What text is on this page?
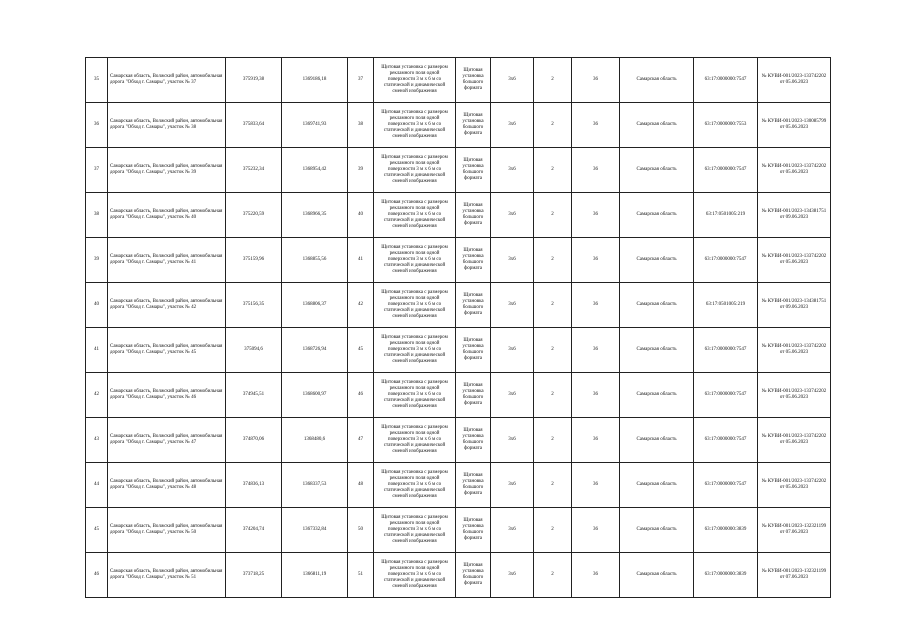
35	Самарская область, Волжский район, автомобильная дорога "Обход г. Самары", участок № 37	375919,38	1369186,18	37	Щитовая установка с размером рекламного поля одной поверхности 3 м х 6 м со статической и динамической сменой изображения	Щитовая установка большого формата	3х6	2	36	Самарская область	63:17:0000000:7547	№ КУВИ-001/2023-133742202 от 05.06.2023
36	Самарская область, Волжский район, автомобильная дорога "Обход г. Самары", участок № 38	375833,64	1369741,93	38	Щитовая установка с размером рекламного поля одной поверхности 3 м х 6 м со статической и динамической сменой изображения	Щитовая установка большого формата	3х6	2	36	Самарская область	63:17:0000000:7553	№ КУВИ-001/2023-130085799 от 05.06.2023
37	Самарская область, Волжский район, автомобильная дорога "Обход г. Самары", участок № 39	375232,34	1368954,42	39	Щитовая установка с размером рекламного поля одной поверхности 3 м х 6 м со статической и динамической сменой изображения	Щитовая установка большого формата	3х6	2	36	Самарская область	63:17:0000000:7547	№ КУВИ-001/2023-133742202 от 05.06.2023
38	Самарская область, Волжский район, автомобильная дорога "Обход г. Самары", участок № 40	375220,59	1368966,35	40	Щитовая установка с размером рекламного поля одной поверхности 3 м х 6 м со статической и динамической сменой изображения	Щитовая установка большого формата	3х6	2	36	Самарская область	63:17:0501005:219	№ КУВИ-001/2023-134381751 от 09.06.2023
39	Самарская область, Волжский район, автомобильная дорога "Обход г. Самары", участок № 41	375159,96	1368855,56	41	Щитовая установка с размером рекламного поля одной поверхности 3 м х 6 м со статической и динамической сменой изображения	Щитовая установка большого формата	3х6	2	36	Самарская область	63:17:0000000:7547	№ КУВИ-001/2023-133742202 от 05.06.2023
40	Самарская область, Волжский район, автомобильная дорога "Обход г. Самары", участок № 42	375156,35	1368806,37	42	Щитовая установка с размером рекламного поля одной поверхности 3 м х 6 м со статической и динамической сменой изображения	Щитовая установка большого формата	3х6	2	36	Самарская область	63:17:0501005:219	№ КУВИ-001/2023-134381751 от 09.06.2023
41	Самарская область, Волжский район, автомобильная дорога "Обход г. Самары", участок № 45	375094,6	1368726,94	45	Щитовая установка с размером рекламного поля одной поверхности 3 м х 6 м со статической и динамической сменой изображения	Щитовая установка большого формата	3х6	2	36	Самарская область	63:17:0000000:7547	№ КУВИ-001/2023-133742202 от 05.06.2023
42	Самарская область, Волжский район, автомобильная дорога "Обход г. Самары", участок № 46	374945,51	1368600,97	46	Щитовая установка с размером рекламного поля одной поверхности 3 м х 6 м со статической и динамической сменой изображения	Щитовая установка большого формата	3х6	2	36	Самарская область	63:17:0000000:7547	№ КУВИ-001/2023-133742202 от 05.06.2023
43	Самарская область, Волжский район, автомобильная дорога "Обход г. Самары", участок № 47	374870,06	1368480,6	47	Щитовая установка с размером рекламного поля одной поверхности 3 м х 6 м со статической и динамической сменой изображения	Щитовая установка большого формата	3х6	2	36	Самарская область	63:17:0000000:7547	№ КУВИ-001/2023-133742202 от 05.06.2023
44	Самарская область, Волжский район, автомобильная дорога "Обход г. Самары", участок № 48	374836,13	1368337,53	48	Щитовая установка с размером рекламного поля одной поверхности 3 м х 6 м со статической и динамической сменой изображения	Щитовая установка большого формата	3х6	2	36	Самарская область	63:17:0000000:7547	№ КУВИ-001/2023-133742202 от 05.06.2023
45	Самарская область, Волжский район, автомобильная дорога "Обход г. Самары", участок № 50	374204,74	1367332,84	50	Щитовая установка с размером рекламного поля одной поверхности 3 м х 6 м со статической и динамической сменой изображения	Щитовая установка большого формата	3х6	2	36	Самарская область	63:17:0000000:3839	№ КУВИ-001/2023-132321199 от 07.06.2023
46	Самарская область, Волжский район, автомобильная дорога "Обход г. Самары", участок № 51	373718,25	1366811,19	51	Щитовая установка с размером рекламного поля одной поверхности 3 м х 6 м со статической и динамической сменой изображения	Щитовая установка большого формата	3х6	2	36	Самарская область	63:17:0000000:3839	№ КУВИ-001/2023-132321199 от 07.06.2023
